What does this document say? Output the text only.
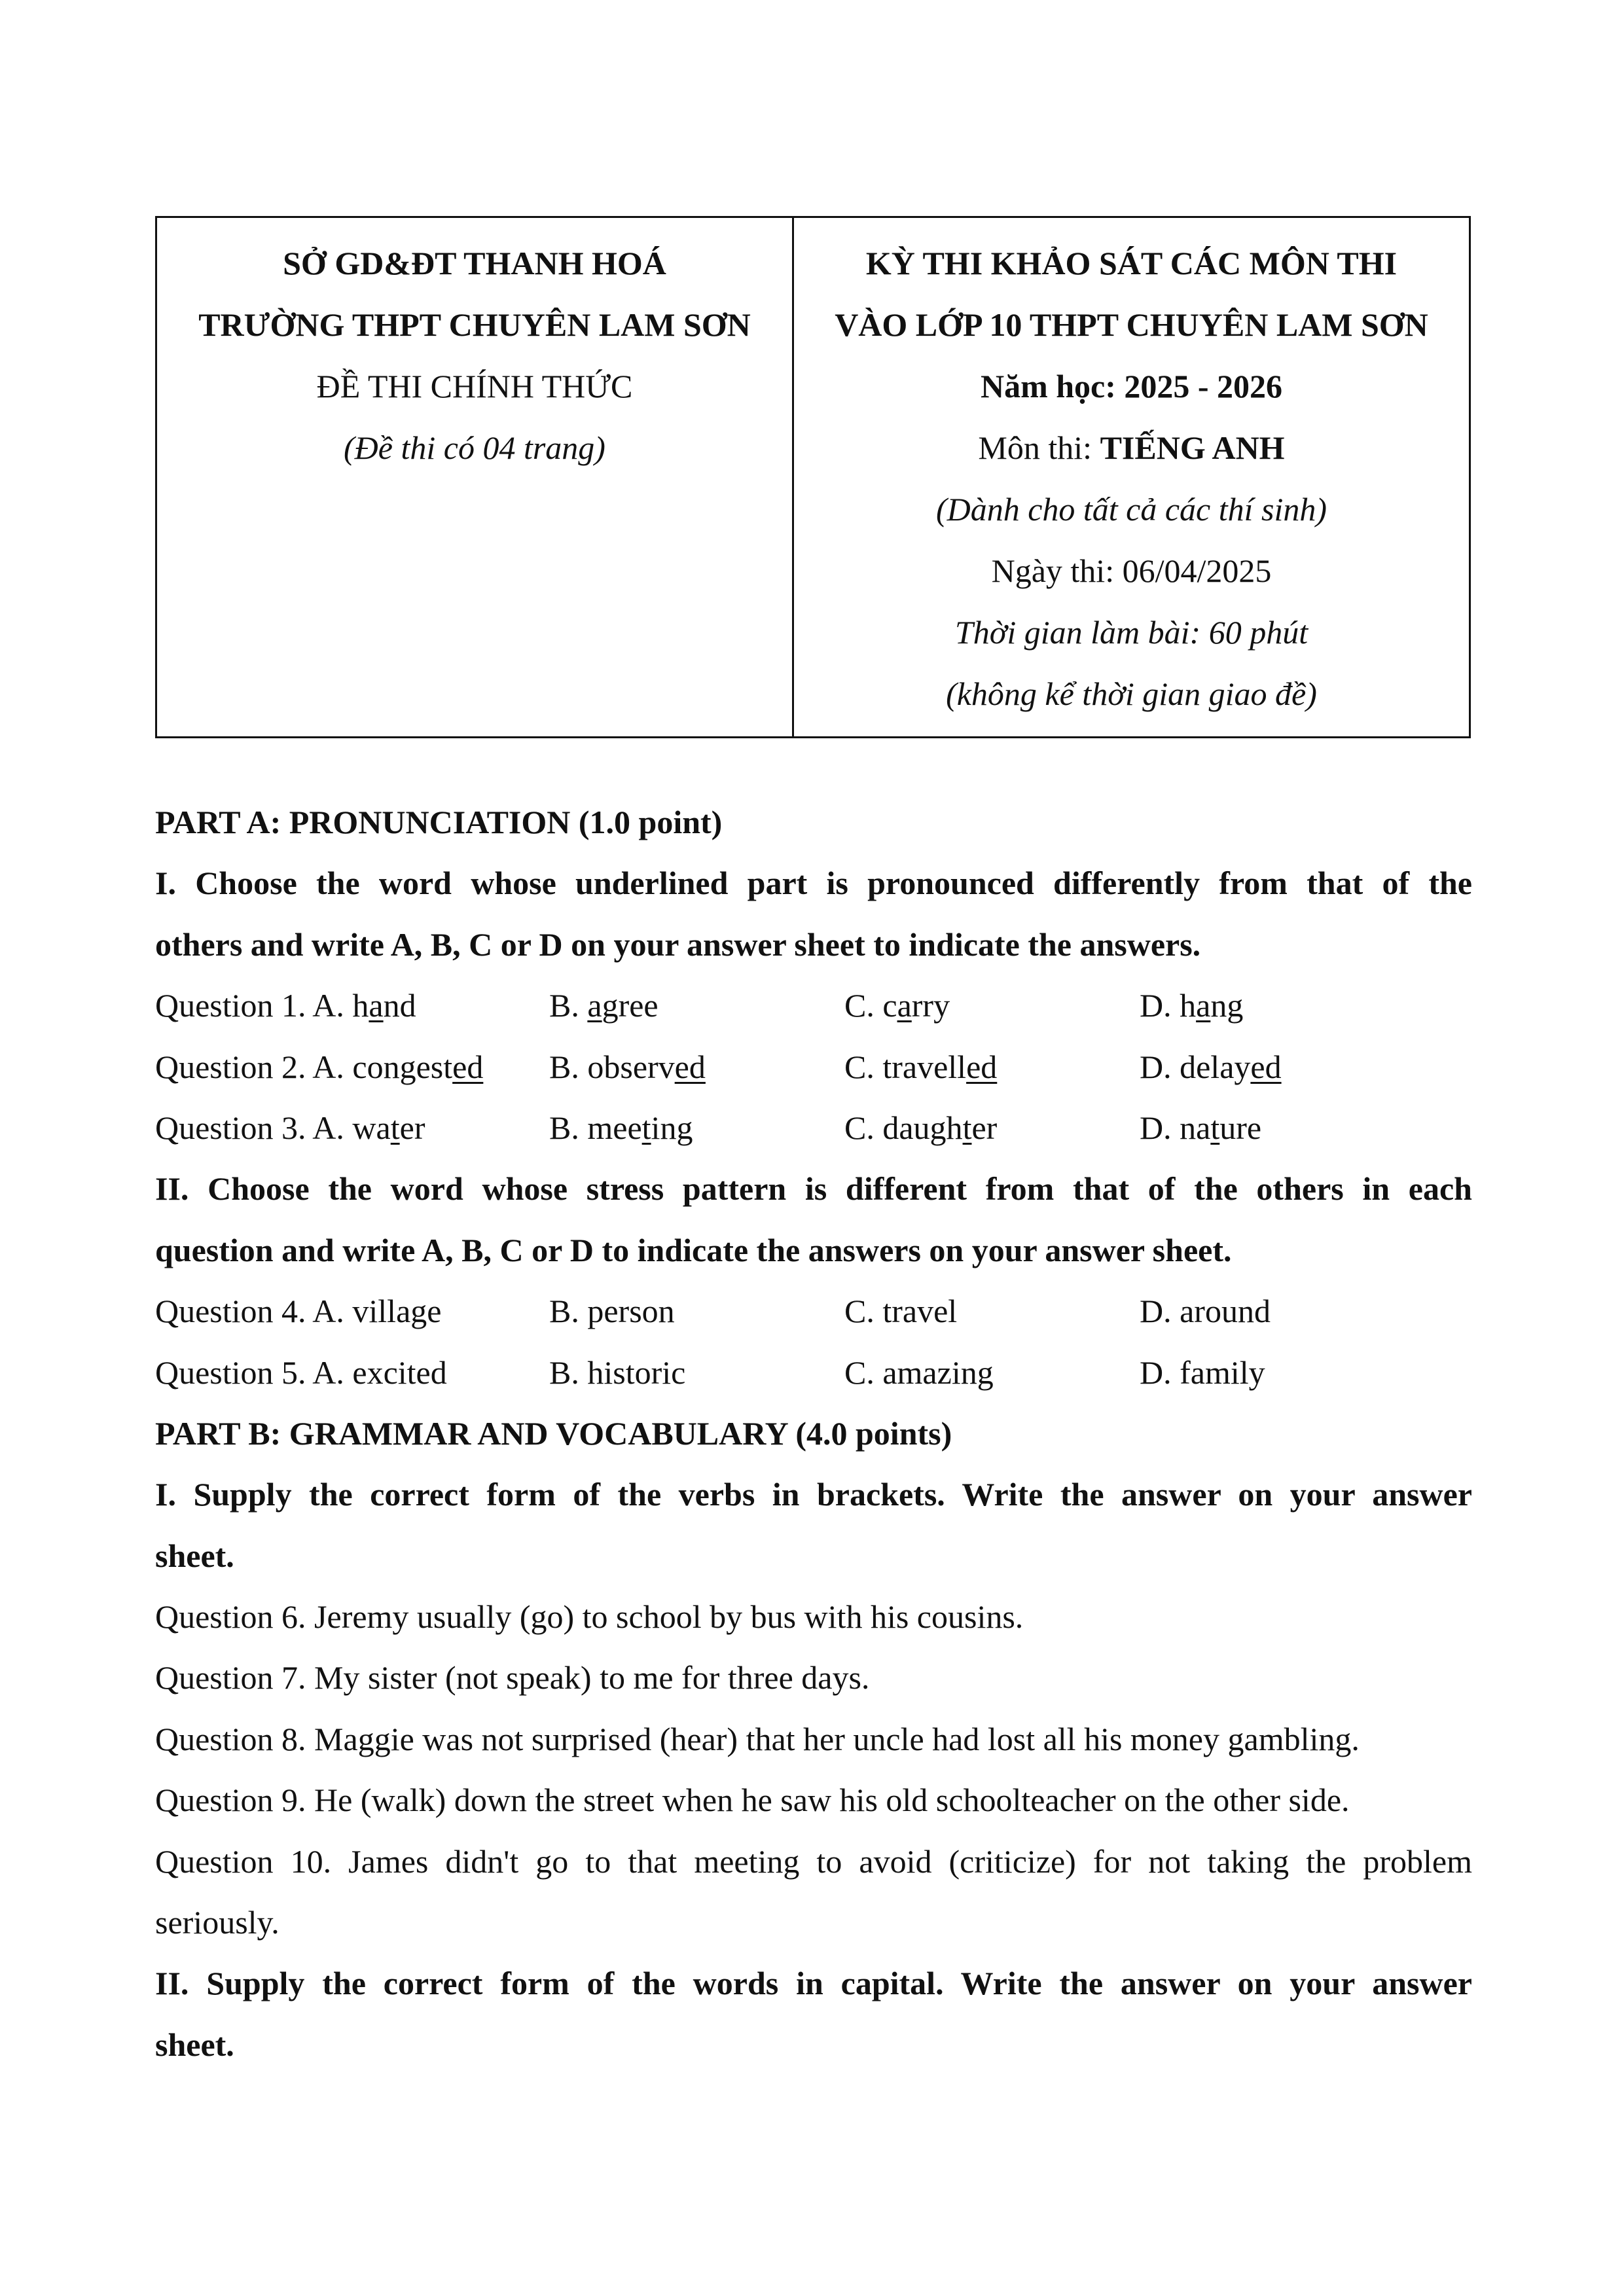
SỞ GD&ĐT THANH HOÁ
TRƯỜNG THPT CHUYÊN LAM SƠN
ĐỀ THI CHÍNH THỨC
(Đề thi có 04 trang)
KỲ THI KHẢO SÁT CÁC MÔN THI
VÀO LỚP 10 THPT CHUYÊN LAM SƠN
Năm học: 2025 - 2026
Môn thi: TIẾNG ANH
(Dành cho tất cả các thí sinh)
Ngày thi: 06/04/2025
Thời gian làm bài: 60 phút
(không kể thời gian giao đề)
PART A: PRONUNCIATION (1.0 point)
I. Choose the word whose underlined part is pronounced differently from that of the
others and write A, B, C or D on your answer sheet to indicate the answers.
Question 1. A. hand	B. agree	C. carry	D. hang
Question 2. A. congested	B. observed	C. travelled	D. delayed
Question 3. A. water	B. meeting	C. daughter	D. nature
II. Choose the word whose stress pattern is different from that of the others in each
question and write A, B, C or D to indicate the answers on your answer sheet.
Question 4. A. village	B. person	C. travel	D. around
Question 5. A. excited	B. historic	C. amazing	D. family
PART B: GRAMMAR AND VOCABULARY (4.0 points)
I. Supply the correct form of the verbs in brackets. Write the answer on your answer
sheet.
Question 6. Jeremy usually (go) to school by bus with his cousins.
Question 7. My sister (not speak) to me for three days.
Question 8. Maggie was not surprised (hear) that her uncle had lost all his money gambling.
Question 9. He (walk) down the street when he saw his old schoolteacher on the other side.
Question 10. James didn't go to that meeting to avoid (criticize) for not taking the problem
seriously.
II. Supply the correct form of the words in capital. Write the answer on your answer
sheet.
